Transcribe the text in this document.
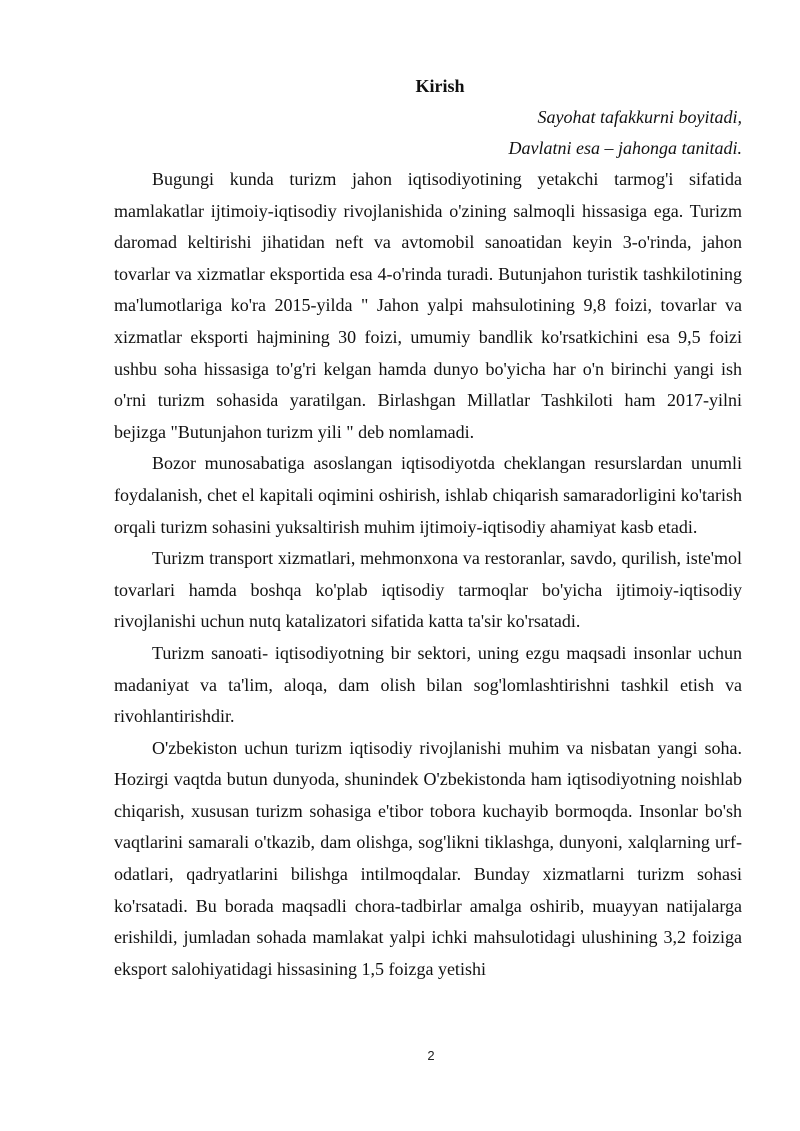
Kirish

Sayohat tafakkurni boyitadi,

Davlatni esa – jahonga tanitadi.

Bugungi kunda turizm jahon iqtisodiyotining yetakchi tarmog'i sifatida mamlakatlar ijtimoiy-iqtisodiy rivojlanishida o'zining salmoqli hissasiga ega. Turizm daromad keltirishi jihatidan neft va avtomobil sanoatidan keyin 3-o'rinda, jahon tovarlar va xizmatlar eksportida esa 4-o'rinda turadi. Butunjahon turistik tashkilotining ma'lumotlariga ko'ra 2015-yilda " Jahon yalpi mahsulotining 9,8 foizi, tovarlar va xizmatlar eksporti hajmining 30 foizi, umumiy bandlik ko'rsatkichini esa 9,5 foizi ushbu soha hissasiga to'g'ri kelgan hamda dunyo bo'yicha har o'n birinchi yangi ish o'rni turizm sohasida yaratilgan. Birlashgan Millatlar Tashkiloti ham 2017-yilni bejizga "Butunjahon turizm yili " deb nomlamadi.

Bozor munosabatiga asoslangan iqtisodiyotda cheklangan resurslardan unumli foydalanish, chet el kapitali oqimini oshirish, ishlab chiqarish samaradorligini ko'tarish orqali turizm sohasini yuksaltirish muhim ijtimoiy-iqtisodiy ahamiyat kasb etadi.

Turizm transport xizmatlari, mehmonxona va restoranlar, savdo, qurilish, iste'mol tovarlari hamda boshqa ko'plab iqtisodiy tarmoqlar bo'yicha ijtimoiy-iqtisodiy rivojlanishi uchun nutq katalizatori sifatida katta ta'sir ko'rsatadi.

Turizm sanoati- iqtisodiyotning bir sektori, uning ezgu maqsadi insonlar uchun madaniyat va ta'lim, aloqa, dam olish bilan sog'lomlashtirishni tashkil etish va rivohlantirishdir.

O'zbekiston uchun turizm iqtisodiy rivojlanishi muhim va nisbatan yangi soha. Hozirgi vaqtda butun dunyoda, shunindek O'zbekistonda ham iqtisodiyotning noishlab chiqarish, xususan turizm sohasiga e'tibor tobora kuchayib bormoqda. Insonlar bo'sh vaqtlarini samarali o'tkazib, dam olishga, sog'likni tiklashga, dunyoni, xalqlarning urf-odatlari, qadryatlarini bilishga intilmoqdalar. Bunday xizmatlarni turizm sohasi ko'rsatadi. Bu borada maqsadli chora-tadbirlar amalga oshirib, muayyan natijalarga erishildi, jumladan sohada mamlakat yalpi ichki mahsulotidagi ulushining 3,2 foiziga eksport salohiyatidagi hissasining 1,5 foizga yetishi

2
